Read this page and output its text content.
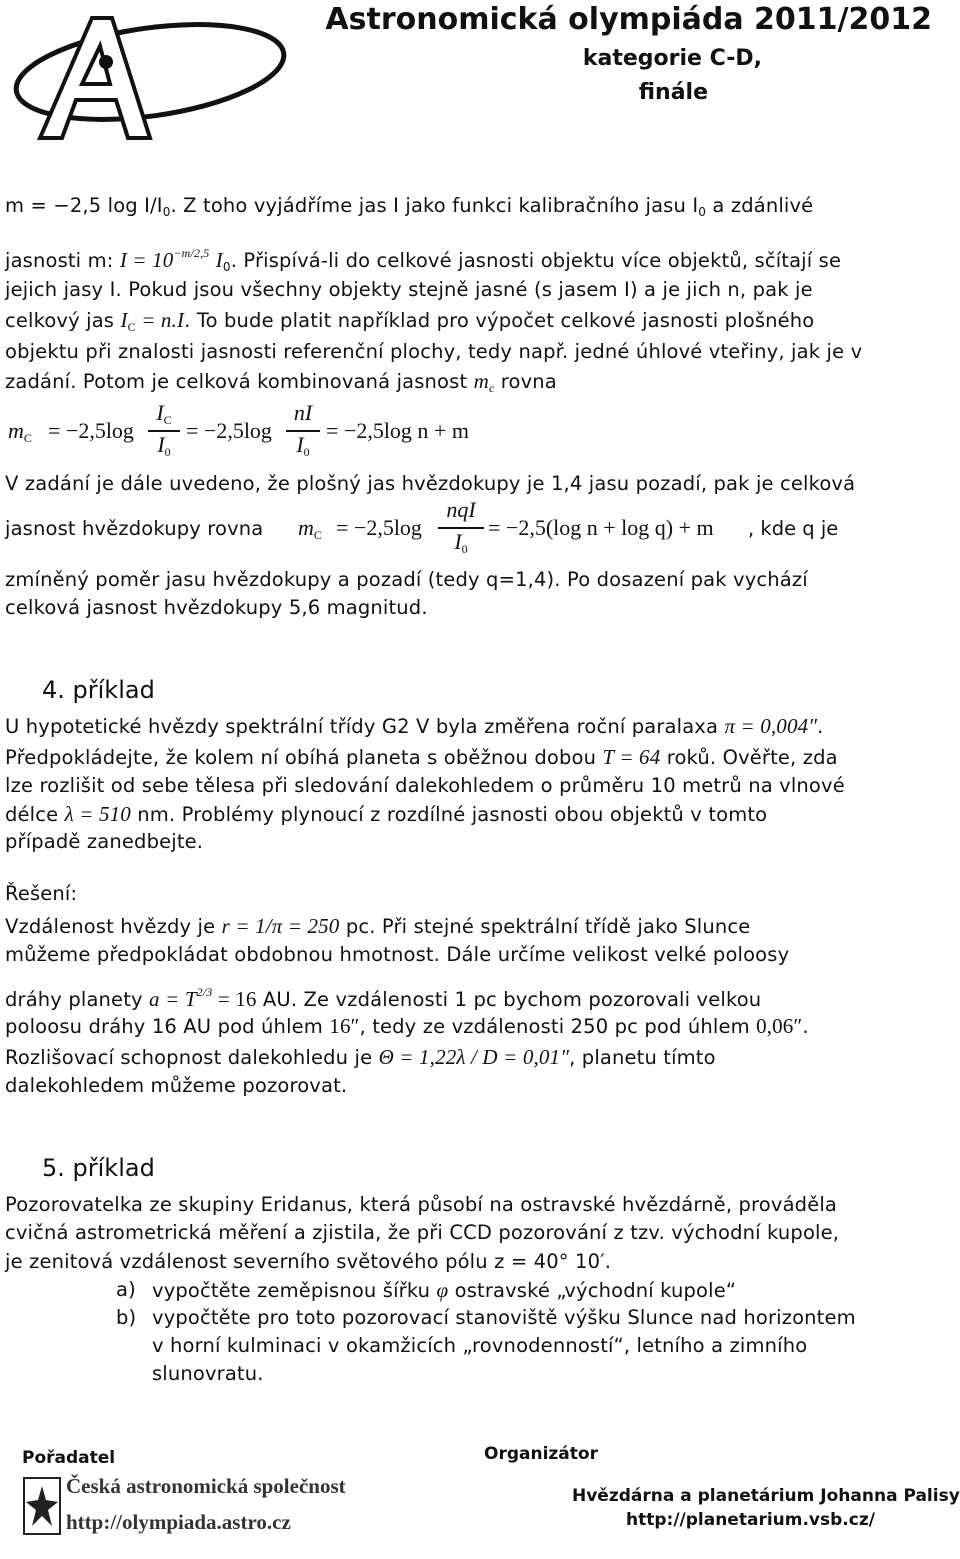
Astronomická olympiáda 2011/2012
kategorie C-D,
finále
m = −2,5 $\log I/I_0$. Z toho vyjádříme jas I jako funkci kalibračního jasu $I_0$ a zdánlivé
jasnosti m: $I = 10^{-m/2,5}$ $I_0$. Přispívá-li do celkové jasnosti objektu více objektů, sčítají se
jejich jasy I. Pokud jsou všechny objekty stejně jasné (s jasem I) a je jich n, pak je
celkový jas $I_C = n.I$. To bude platit například pro výpočet celkové jasnosti plošného
objektu při znalosti jasnosti referenční plochy, tedy např. jedné úhlové vteřiny, jak je v
zadání. Potom je celková kombinovaná jasnost $m_c$ rovna
$m_C = -2,5\log$
$I_C$
$I_0$
= −2,5log
nI
$I_0$
= −2,5log n + m
V zadání je dále uvedeno, že plošný jas hvězdokupy je 1,4 jasu pozadí, pak je celková
jasnost hvězdokupy rovna $m_C = -2,5\log$
nqI
$I_0$
= −2,5(log n + log q) + m , kde q je
zmíněný poměr jasu hvězdokupy a pozadí (tedy q=1,4). Po dosazení pak vychází
celková jasnost hvězdokupy 5,6 magnitud.
4. příklad
U hypotetické hvězdy spektrální třídy G2 V byla změřena roční paralaxa π = 0,004″.
Předpokládejte, že kolem ní obíhá planeta s oběžnou dobou T = 64 roků. Ověřte, zda
lze rozlišit od sebe tělesa při sledování dalekohledem o průměru 10 metrů na vlnové
délce λ = 510 nm. Problémy plynoucí z rozdílné jasnosti obou objektů v tomto
případě zanedbejte.
Řešení:
Vzdálenost hvězdy je r = 1/π = 250 pc. Při stejné spektrální třídě jako Slunce
můžeme předpokládat obdobnou hmotnost. Dále určíme velikost velké poloosy
dráhy planety $a = T^{2/3} = 16$ AU. Ze vzdálenosti 1 pc bychom pozorovali velkou
poloosu dráhy 16 AU pod úhlem 16″, tedy ze vzdálenosti 250 pc pod úhlem 0,06″.
Rozlišovací schopnost dalekohledu je Θ = 1,22λ / D = 0,01″, planetu tímto
dalekohledem můžeme pozorovat.
5. příklad
Pozorovatelka ze skupiny Eridanus, která působí na ostravské hvězdárně, prováděla
cvičná astrometrická měření a zjistila, že při CCD pozorování z tzv. východní kupole,
je zenitová vzdálenost severního světového pólu z = 40° 10′.
a) vypočtěte zeměpisnou šířku φ ostravské „východní kupole“
b) vypočtěte pro toto pozorovací stanoviště výšku Slunce nad horizontem
v horní kulminaci v okamžicích „rovnodenností“, letního a zimního
slunovratu.
Pořadatel	Organizátor
Česká astronomická společnost
http://olympiada.astro.cz
Hvězdárna a planetárium Johanna Palisy
http://planetarium.vsb.cz/
